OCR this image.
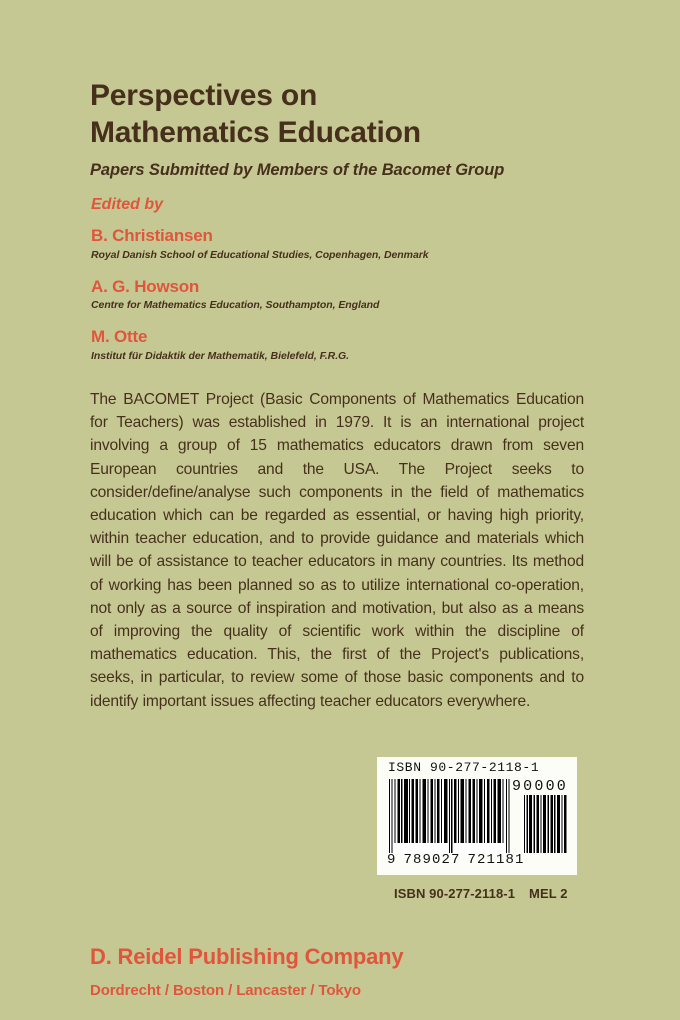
Perspectives on
Mathematics Education
Papers Submitted by Members of the Bacomet Group
Edited by
B. Christiansen
Royal Danish School of Educational Studies, Copenhagen, Denmark
A. G. Howson
Centre for Mathematics Education, Southampton, England
M. Otte
Institut für Didaktik der Mathematik, Bielefeld, F.R.G.
The BACOMET Project (Basic Components of Mathematics Education for Teachers) was established in 1979. It is an international project involving a group of 15 mathematics educators drawn from seven European countries and the USA. The Project seeks to consider/define/analyse such components in the field of mathematics education which can be regarded as essential, or having high priority, within teacher education, and to provide guidance and materials which will be of assistance to teacher educators in many countries. Its method of working has been planned so as to utilize international co-operation, not only as a source of inspiration and motivation, but also as a means of improving the quality of scientific work within the discipline of mathematics education. This, the first of the Project's publications, seeks, in particular, to review some of those basic components and to identify important issues affecting teacher educators everywhere.
ISBN 90-277-2118-1
90000
9 789027 721181
ISBN 90-277-2118-1 MEL 2
D. Reidel Publishing Company
Dordrecht / Boston / Lancaster / Tokyo
